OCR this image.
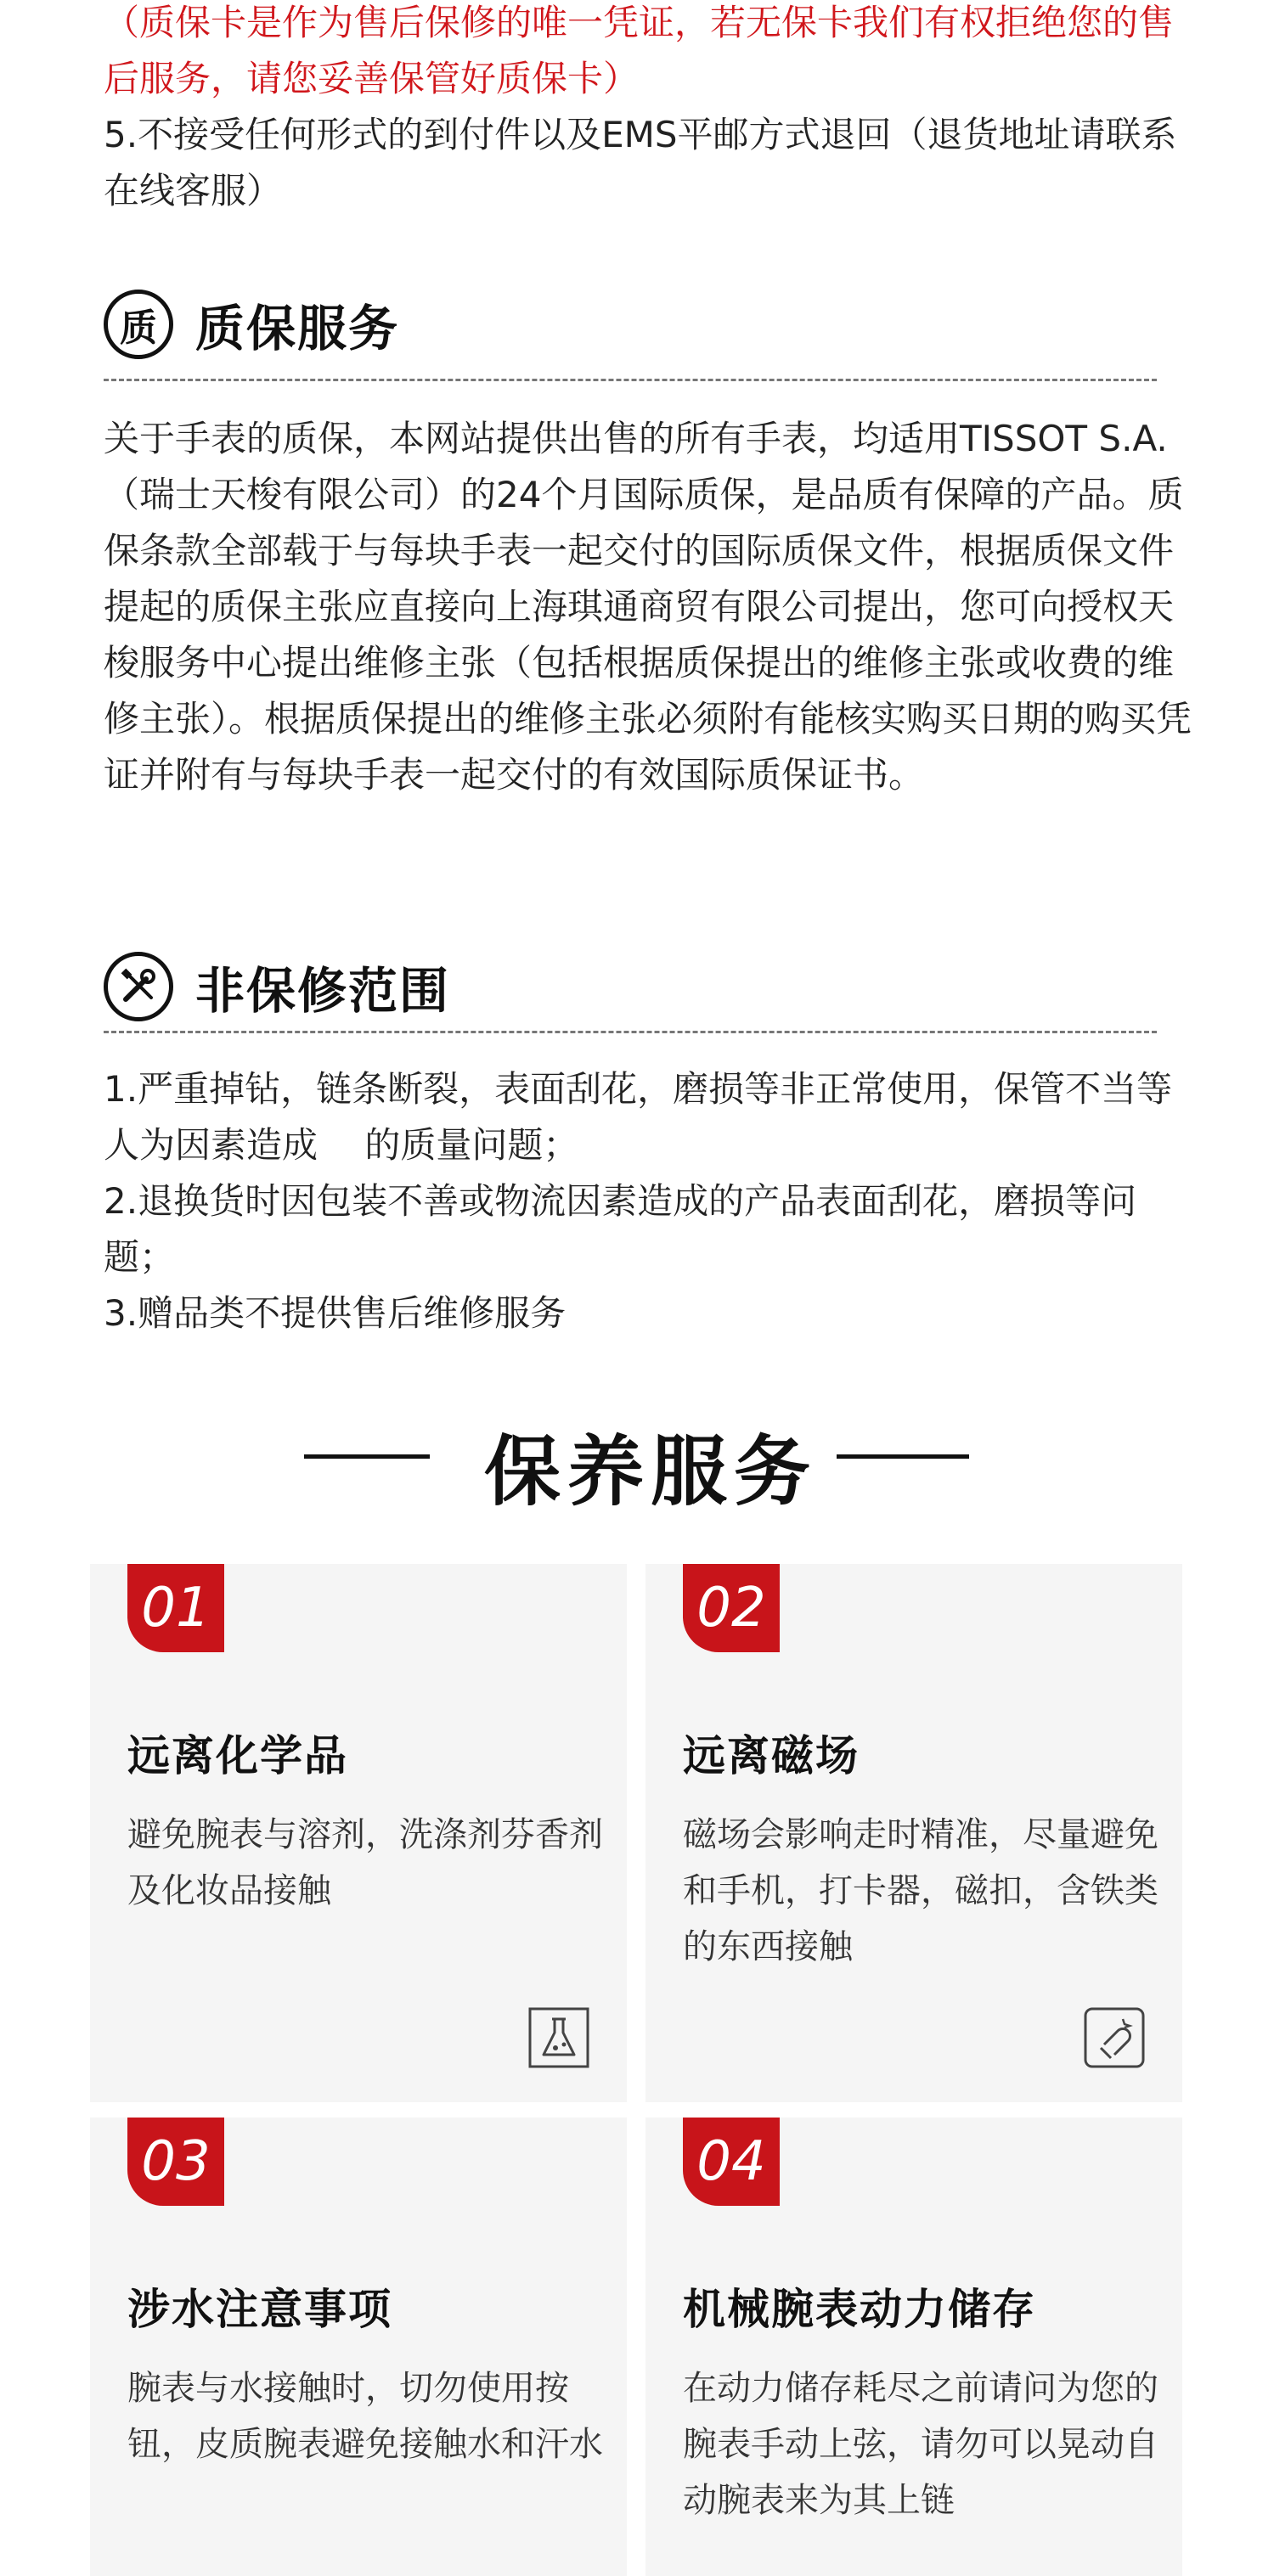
（质保卡是作为售后保修的唯一凭证，若无保卡我们有权拒绝您的售后服务，请您妥善保管好质保卡）
5.不接受任何形式的到付件以及EMS平邮方式退回（退货地址请联系在线客服）
质 质保服务
关于手表的质保，本网站提供出售的所有手表，均适用TISSOT S.A.（瑞士天梭有限公司）的24个月国际质保，是品质有保障的产品。质保条款全部载于与每块手表一起交付的国际质保文件，根据质保文件提起的质保主张应直接向上海琪通商贸有限公司提出，您可向授权天梭服务中心提出维修主张（包括根据质保提出的维修主张或收费的维修主张）。根据质保提出的维修主张必须附有能核实购买日期的购买凭证并附有与每块手表一起交付的有效国际质保证书。
非保修范围
1.严重掉钻，链条断裂，表面刮花，磨损等非正常使用，保管不当等人为因素造成　 的质量问题；
2.退换货时因包装不善或物流因素造成的产品表面刮花，磨损等问题；
3.赠品类不提供售后维修服务
保养服务
01
远离化学品
避免腕表与溶剂，洗涤剂芬香剂及化妆品接触
02
远离磁场
磁场会影响走时精准，尽量避免和手机，打卡器，磁扣，含铁类的东西接触
03
涉水注意事项
腕表与水接触时，切勿使用按钮，皮质腕表避免接触水和汗水
04
机械腕表动力储存
在动力储存耗尽之前请问为您的腕表手动上弦，请勿可以晃动自动腕表来为其上链
